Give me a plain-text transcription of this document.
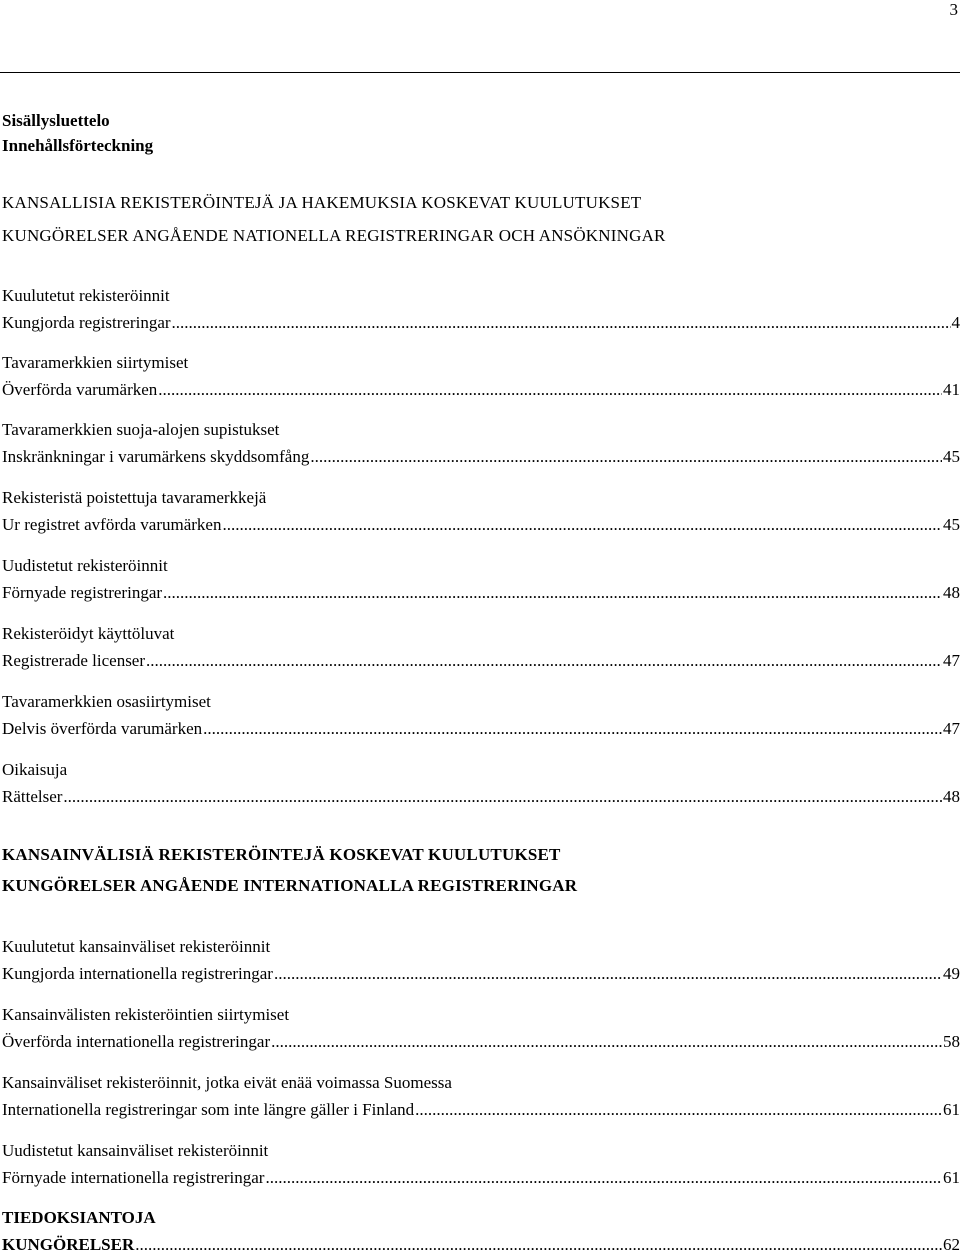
3
Sisällysluettelo
Innehållsförteckning
KANSALLISIA REKISTERÖINTEJÄ JA HAKEMUKSIA KOSKEVAT KUULUTUKSET
KUNGÖRELSER ANGÅENDE NATIONELLA REGISTRERINGAR OCH ANSÖKNINGAR
Kuulutetut rekisteröinnit
Kungjorda registreringar .....	4
Tavaramerkkien siirtymiset
Överförda varumärken .....	41
Tavaramerkkien suoja-alojen supistukset
Inskränkningar i varumärkens skyddsomfång .....	45
Rekisteristä poistettuja tavaramerkkejä
Ur registret avförda varumärken .....	45
Uudistetut rekisteröinnit
Förnyade registreringar .....	48
Rekisteröidyt käyttöluvat
Registrerade licenser .....	47
Tavaramerkkien osasiirtymiset
Delvis överförda varumärken .....	47
Oikaisuja
Rättelser .....	48
KANSAINVÄLISIÄ REKISTERÖINTEJÄ KOSKEVAT KUULUTUKSET
KUNGÖRELSER ANGÅENDE INTERNATIONALLA REGISTRERINGAR
Kuulutetut kansainväliset rekisteröinnit
Kungjorda internationella registreringar .....	49
Kansainvälisten rekisteröintien siirtymiset
Överförda internationella registreringar .....	58
Kansainväliset rekisteröinnit, jotka eivät enää voimassa Suomessa
Internationella registreringar som inte längre gäller i Finland .....	61
Uudistetut kansainväliset rekisteröinnit
Förnyade internationella registreringar .....	61
TIEDOKSIANTOJA
KUNGÖRELSER .....	62
